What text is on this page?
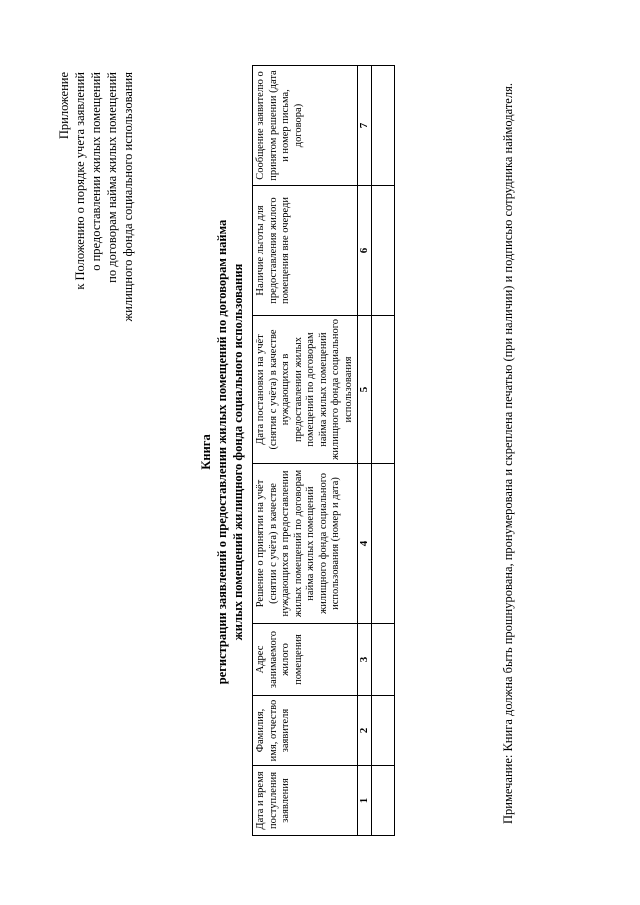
Приложение к Положению о порядке учета заявлений о предоставлении жилых помещений по договорам найма жилых помещений жилищного фонда социального использования
Книга регистрации заявлений о предоставлении жилых помещений по договорам найма жилых помещений жилищного фонда социального использования
Дата и время поступления заявления	Фамилия, имя, отчество заявителя	Адрес занимаемого жилого помещения	Решение о принятии на учёт (снятии с учёта) в качестве нуждающихся в предоставлении жилых помещений по договорам найма жилых помещений жилищного фонда социального использования (номер и дата)	Дата постановки на учёт (снятия с учёта) в качестве нуждающихся в предоставлении жилых помещений по договорам найма жилых помещений жилищного фонда социального использования	Наличие льготы для предоставления жилого помещения вне очереди	Сообщение заявителю о принятом решении (дата и номер письма, договора)
1	2	3	4	5	6	7
							Примечание: Книга должна быть прошнурована, пронумерована и скреплена печатью (при наличии) и подписью сотрудника наймодателя.
